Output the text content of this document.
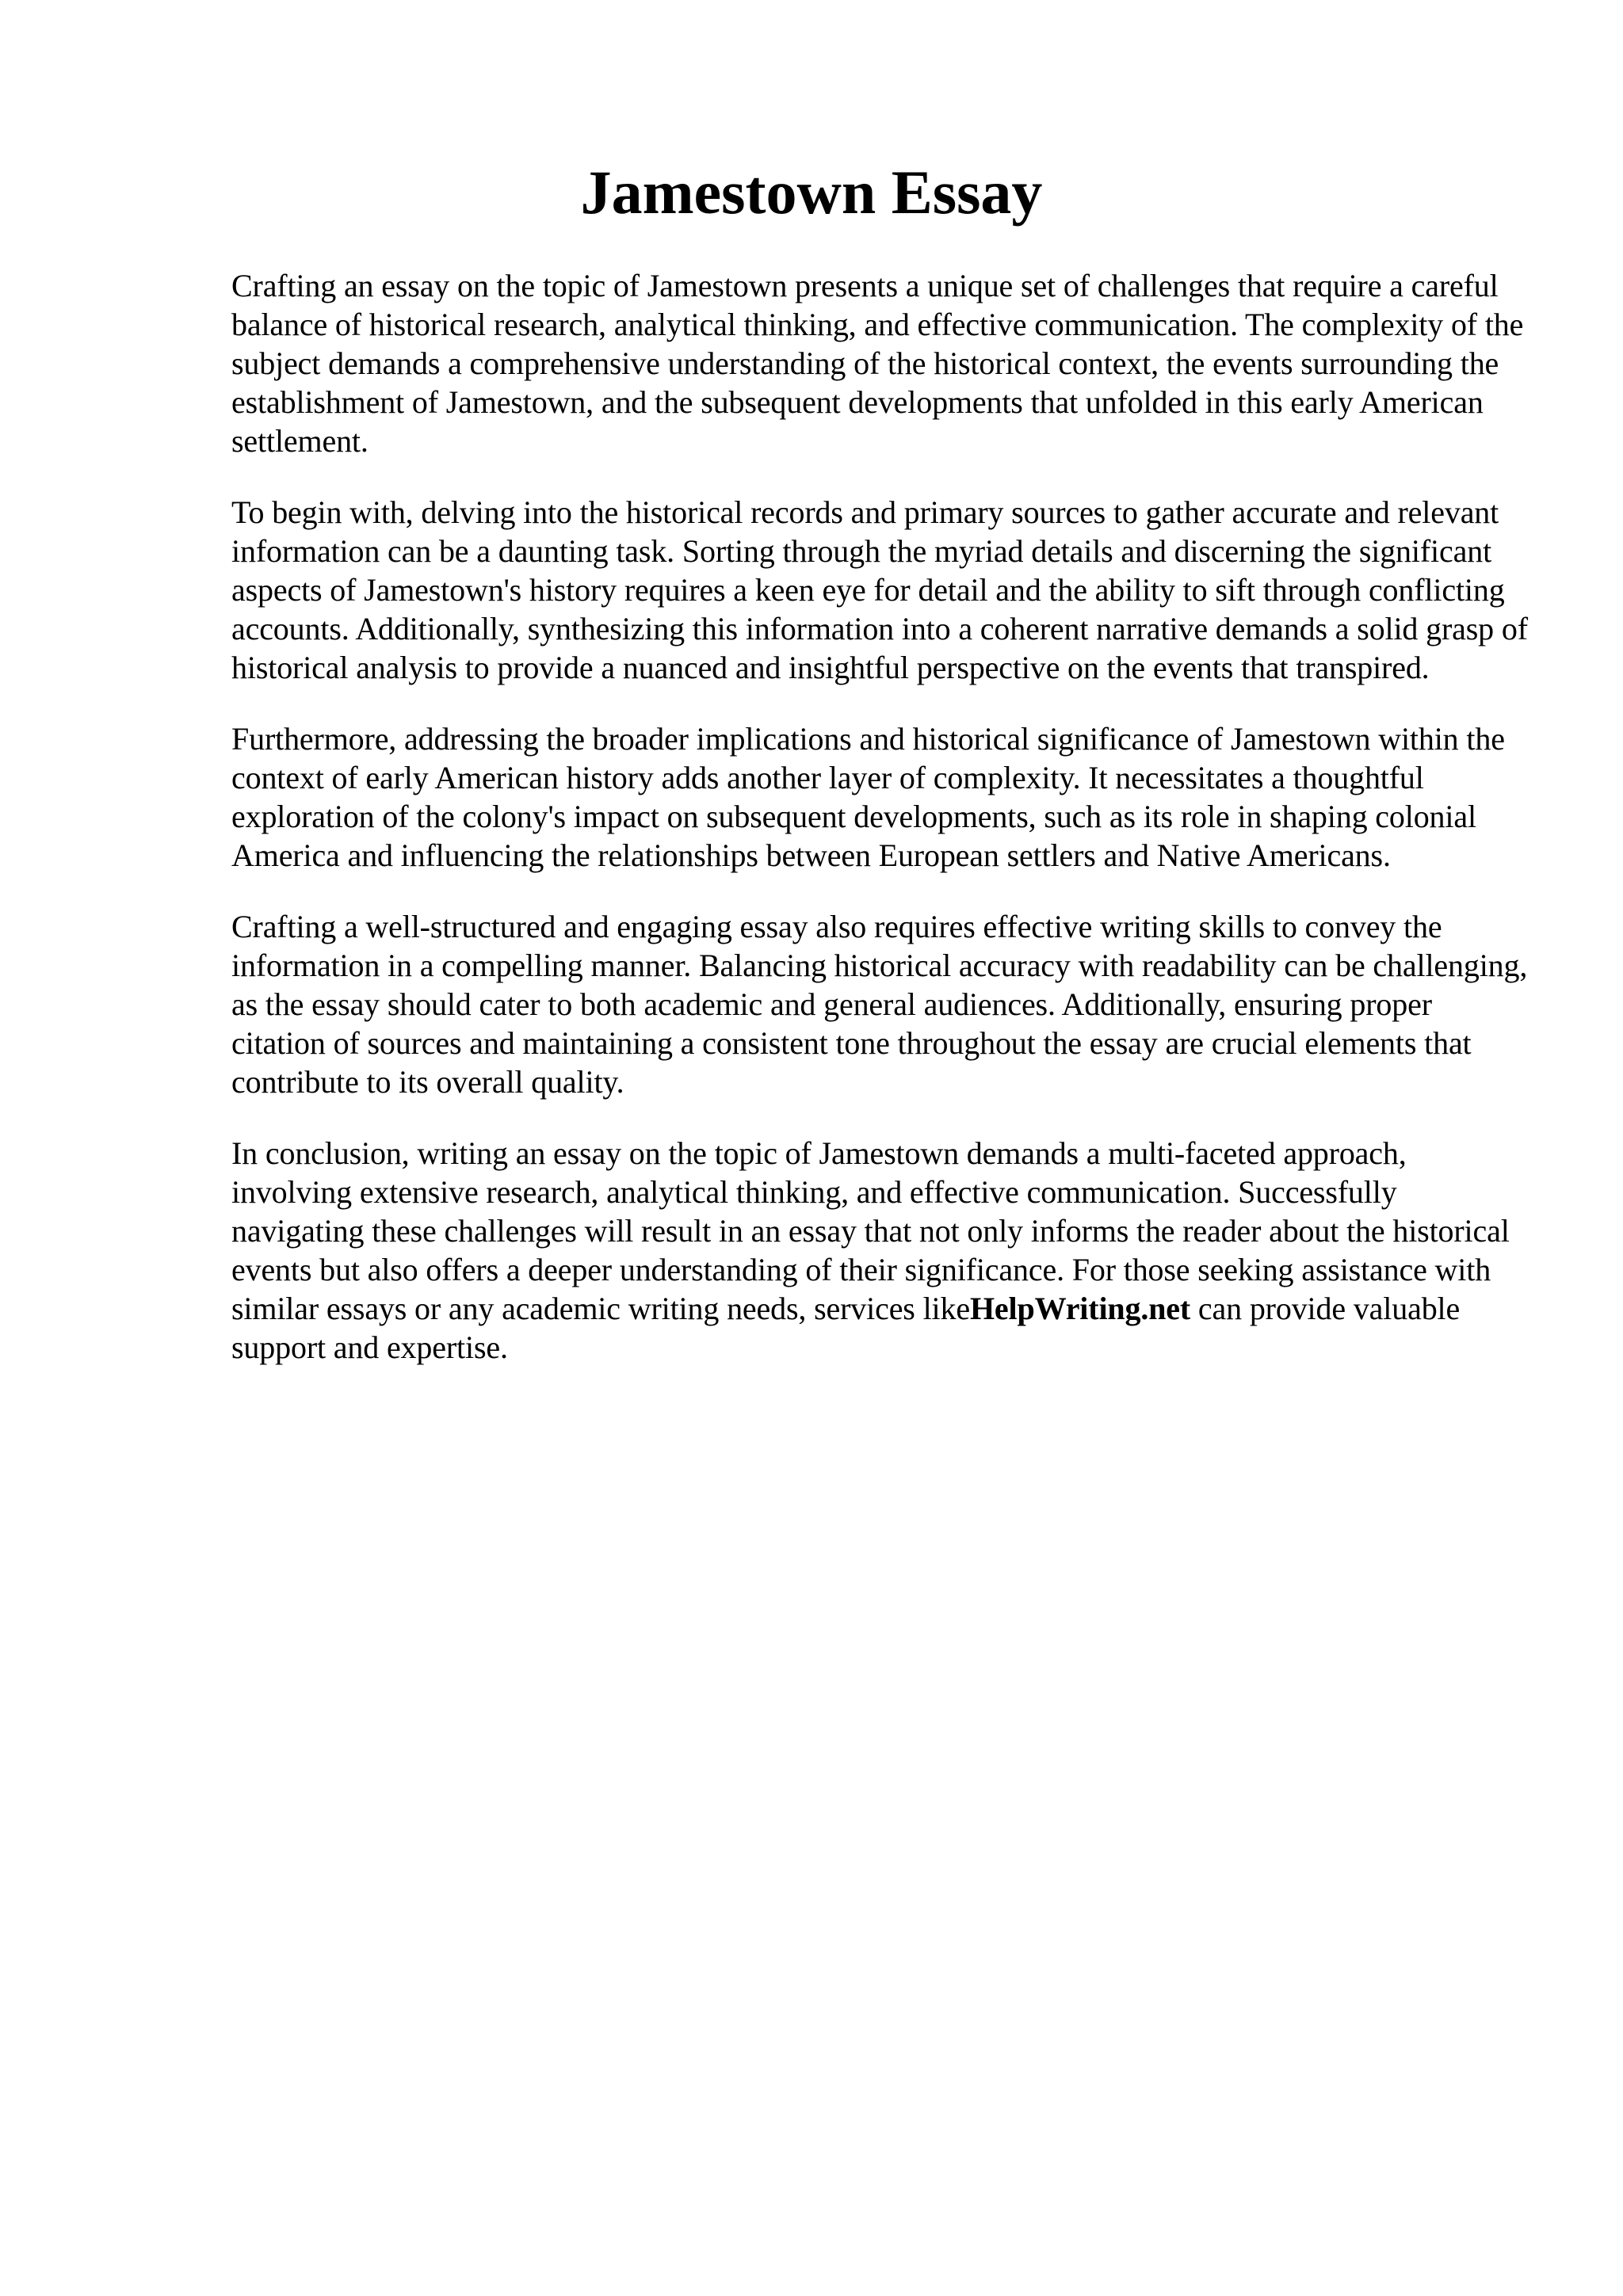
Jamestown Essay

Crafting an essay on the topic of Jamestown presents a unique set of challenges that require a careful balance of historical research, analytical thinking, and effective communication. The complexity of the subject demands a comprehensive understanding of the historical context, the events surrounding the establishment of Jamestown, and the subsequent developments that unfolded in this early American settlement.

To begin with, delving into the historical records and primary sources to gather accurate and relevant information can be a daunting task. Sorting through the myriad details and discerning the significant aspects of Jamestown's history requires a keen eye for detail and the ability to sift through conflicting accounts. Additionally, synthesizing this information into a coherent narrative demands a solid grasp of historical analysis to provide a nuanced and insightful perspective on the events that transpired.

Furthermore, addressing the broader implications and historical significance of Jamestown within the context of early American history adds another layer of complexity. It necessitates a thoughtful exploration of the colony's impact on subsequent developments, such as its role in shaping colonial America and influencing the relationships between European settlers and Native Americans.

Crafting a well-structured and engaging essay also requires effective writing skills to convey the information in a compelling manner. Balancing historical accuracy with readability can be challenging, as the essay should cater to both academic and general audiences. Additionally, ensuring proper citation of sources and maintaining a consistent tone throughout the essay are crucial elements that contribute to its overall quality.

In conclusion, writing an essay on the topic of Jamestown demands a multi-faceted approach, involving extensive research, analytical thinking, and effective communication. Successfully navigating these challenges will result in an essay that not only informs the reader about the historical events but also offers a deeper understanding of their significance. For those seeking assistance with similar essays or any academic writing needs, services likeHelpWriting.net can provide valuable support and expertise.
